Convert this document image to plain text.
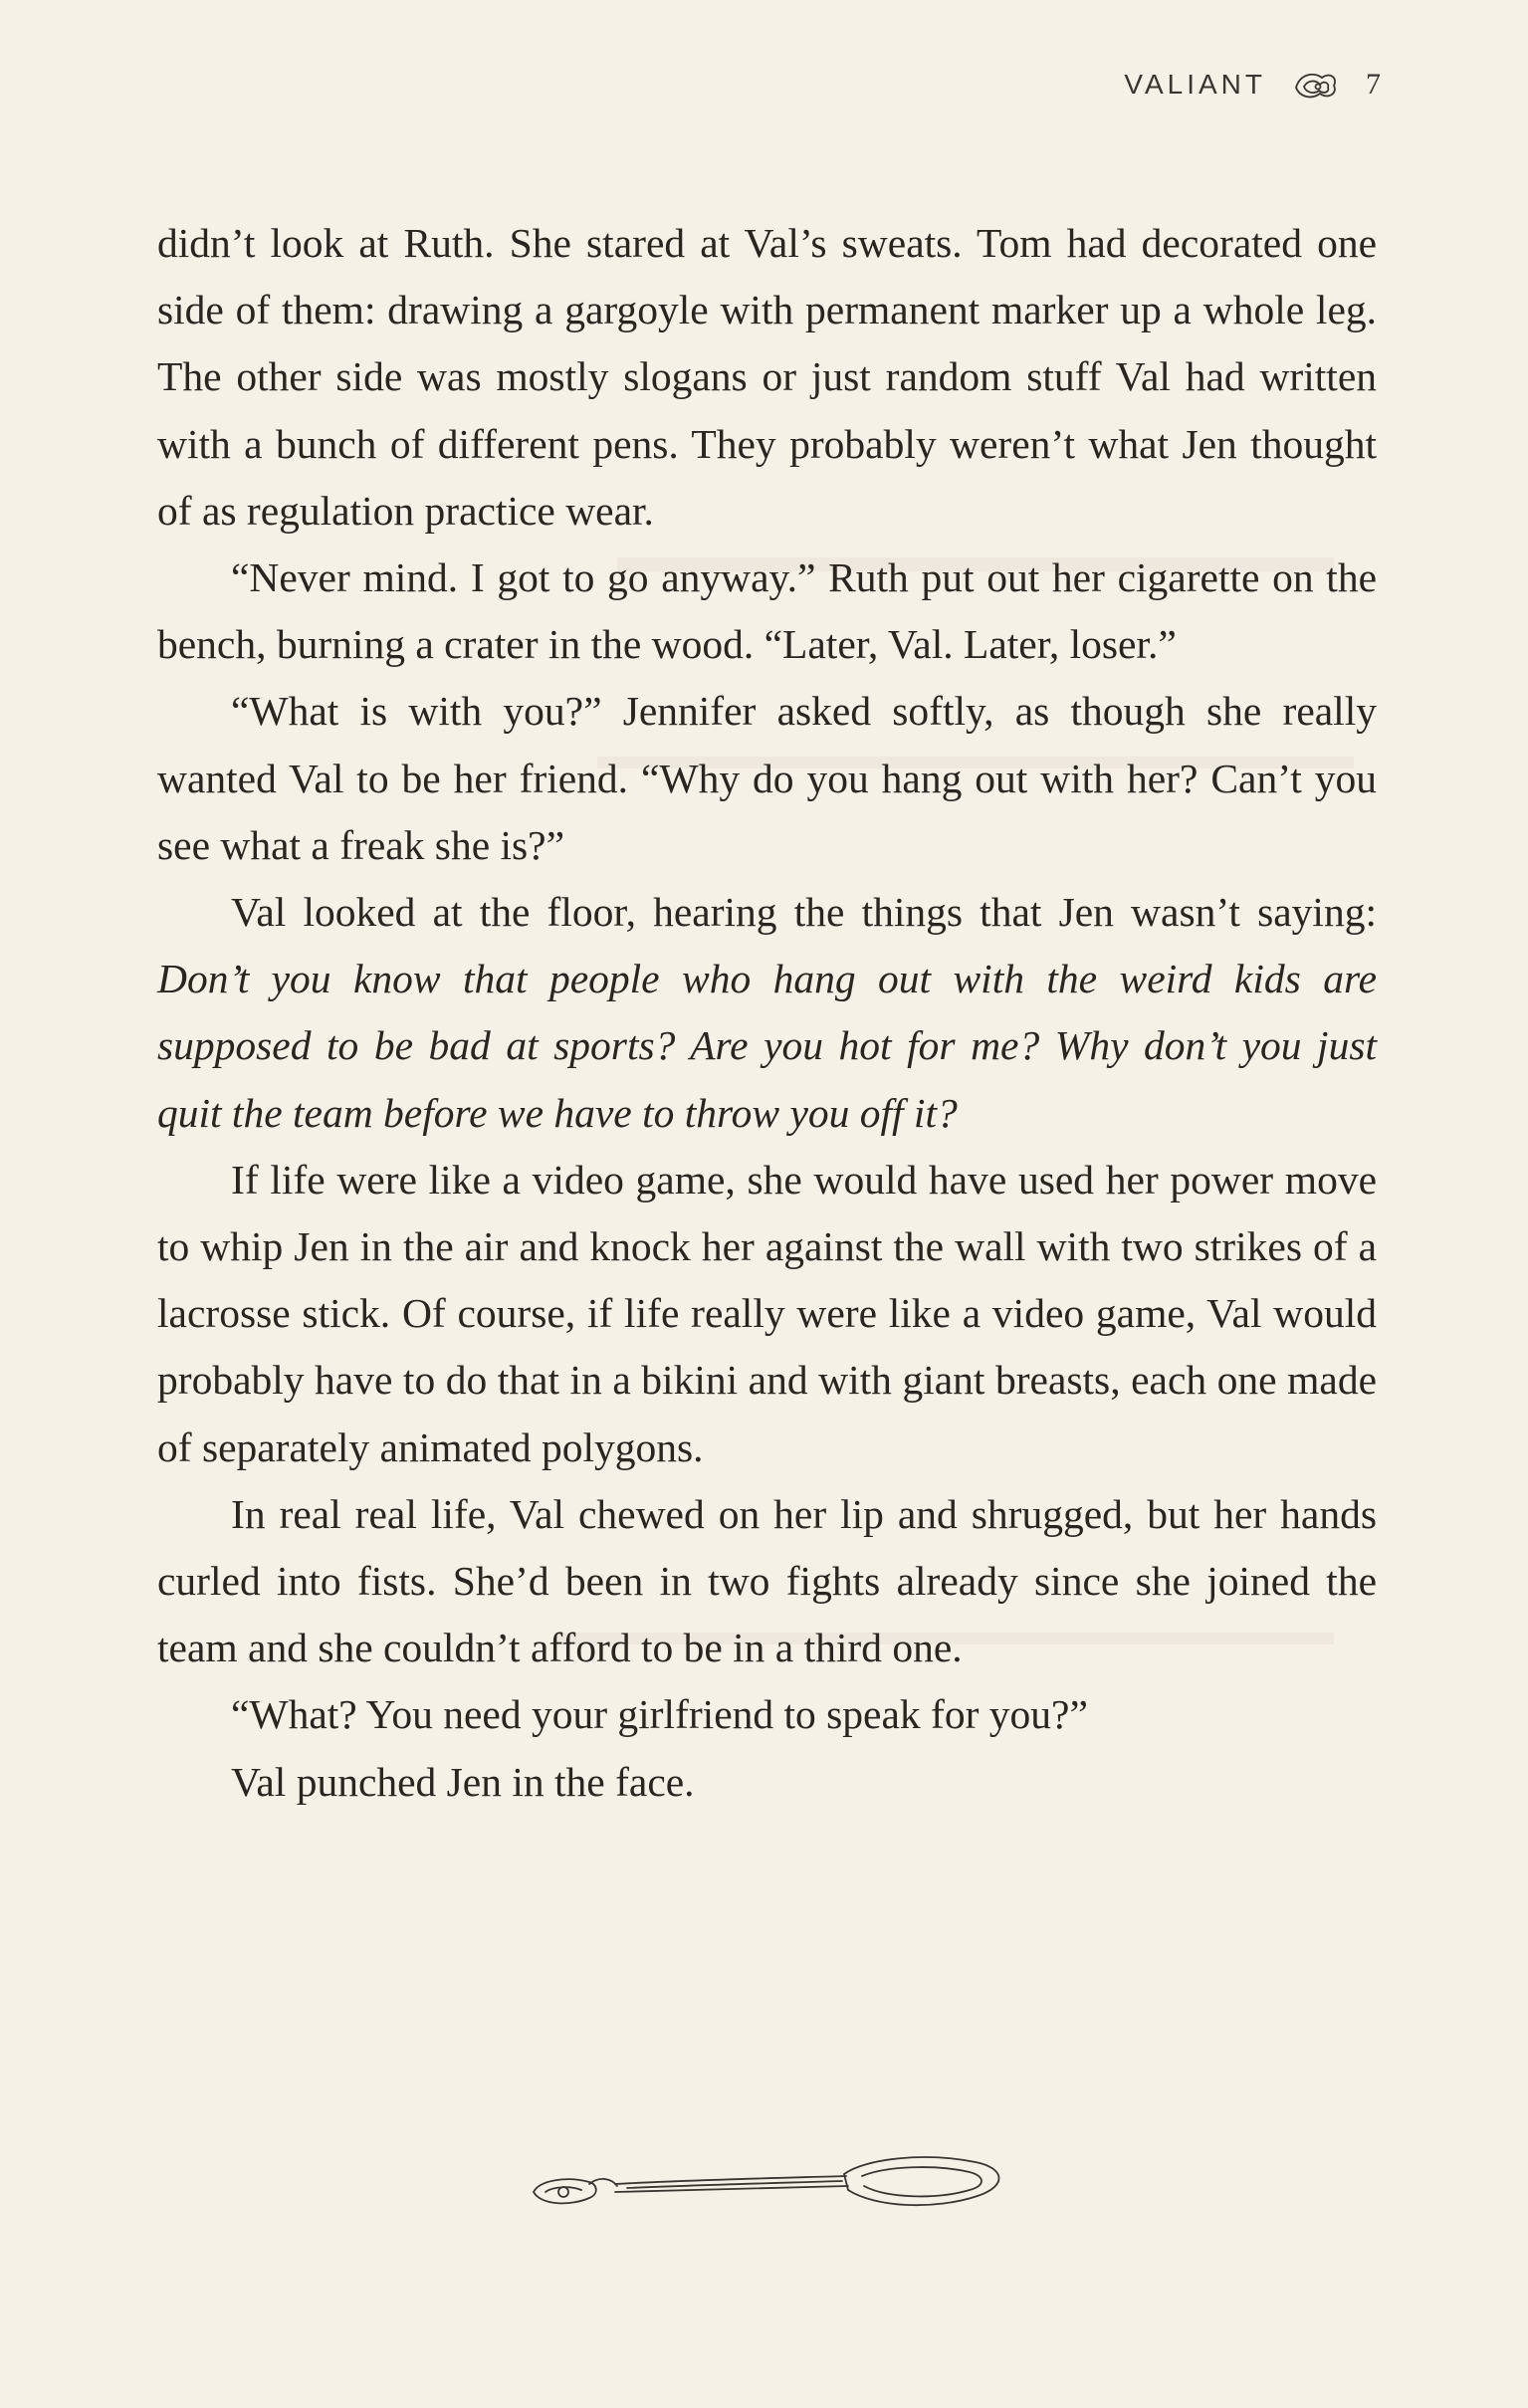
VALIANT	7

didn’t look at Ruth. She stared at Val’s sweats. Tom had decorated one side of them: drawing a gargoyle with permanent marker up a whole leg. The other side was mostly slogans or just random stuff Val had written with a bunch of different pens. They probably weren’t what Jen thought of as regulation practice wear.

“Never mind. I got to go anyway.” Ruth put out her cigarette on the bench, burning a crater in the wood. “Later, Val. Later, loser.”

“What is with you?” Jennifer asked softly, as though she really wanted Val to be her friend. “Why do you hang out with her? Can’t you see what a freak she is?”

Val looked at the floor, hearing the things that Jen wasn’t saying: Don’t you know that people who hang out with the weird kids are supposed to be bad at sports? Are you hot for me? Why don’t you just quit the team before we have to throw you off it?

If life were like a video game, she would have used her power move to whip Jen in the air and knock her against the wall with two strikes of a lacrosse stick. Of course, if life really were like a video game, Val would probably have to do that in a bikini and with giant breasts, each one made of separately animated polygons.

In real real life, Val chewed on her lip and shrugged, but her hands curled into fists. She’d been in two fights already since she joined the team and she couldn’t afford to be in a third one.

“What? You need your girlfriend to speak for you?”

Val punched Jen in the face.
